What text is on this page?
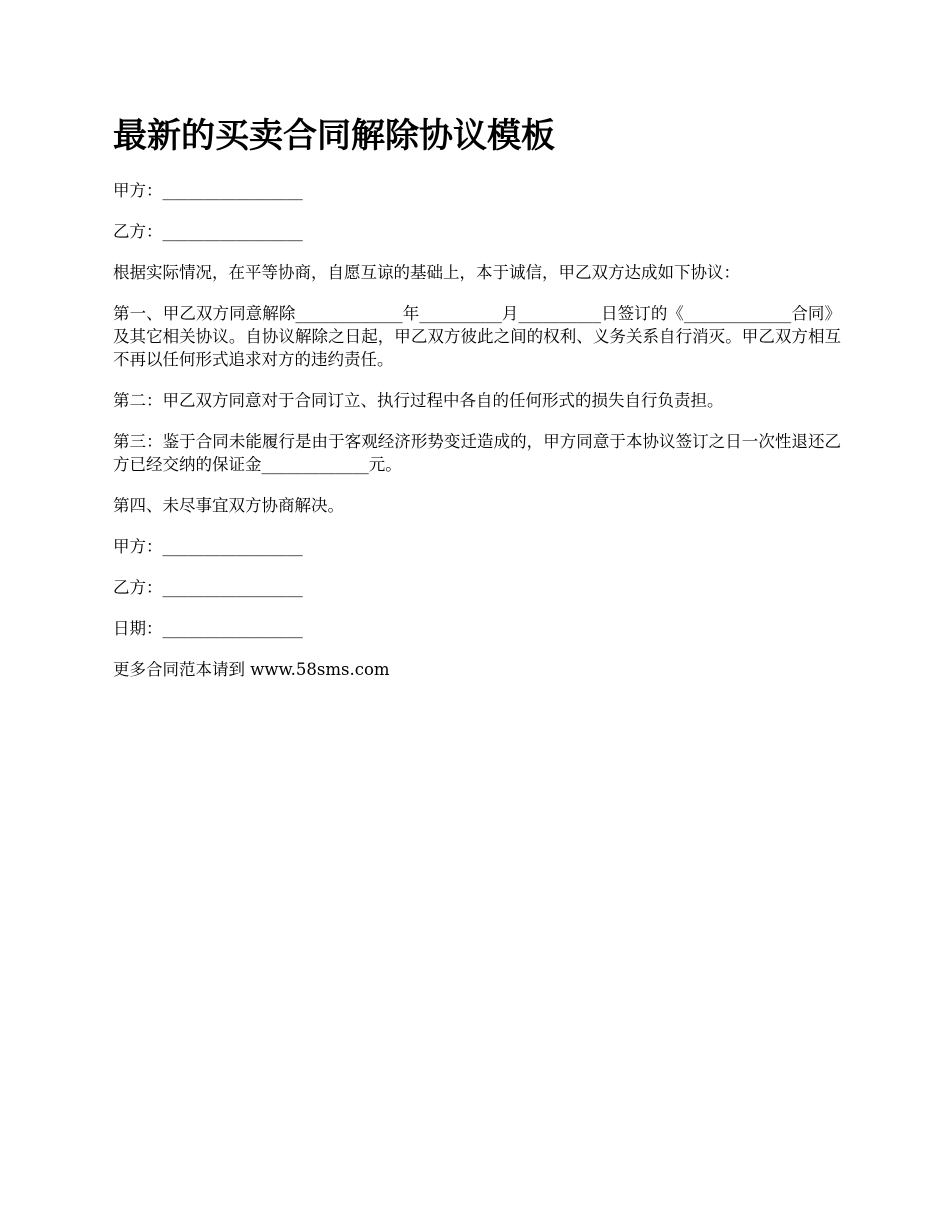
最新的买卖合同解除协议模板

甲方：_________________

乙方：_________________

根据实际情况，在平等协商，自愿互谅的基础上，本于诚信，甲乙双方达成如下协议：

第一、甲乙双方同意解除_____________年__________月__________日签订的《_____________合同》及其它相关协议。自协议解除之日起，甲乙双方彼此之间的权利、义务关系自行消灭。甲乙双方相互不再以任何形式追求对方的违约责任。

第二：甲乙双方同意对于合同订立、执行过程中各自的任何形式的损失自行负责担。

第三：鉴于合同未能履行是由于客观经济形势变迁造成的，甲方同意于本协议签订之日一次性退还乙方已经交纳的保证金_____________元。

第四、未尽事宜双方协商解决。

甲方：_________________

乙方：_________________

日期：_________________

更多合同范本请到 www.58sms.com
